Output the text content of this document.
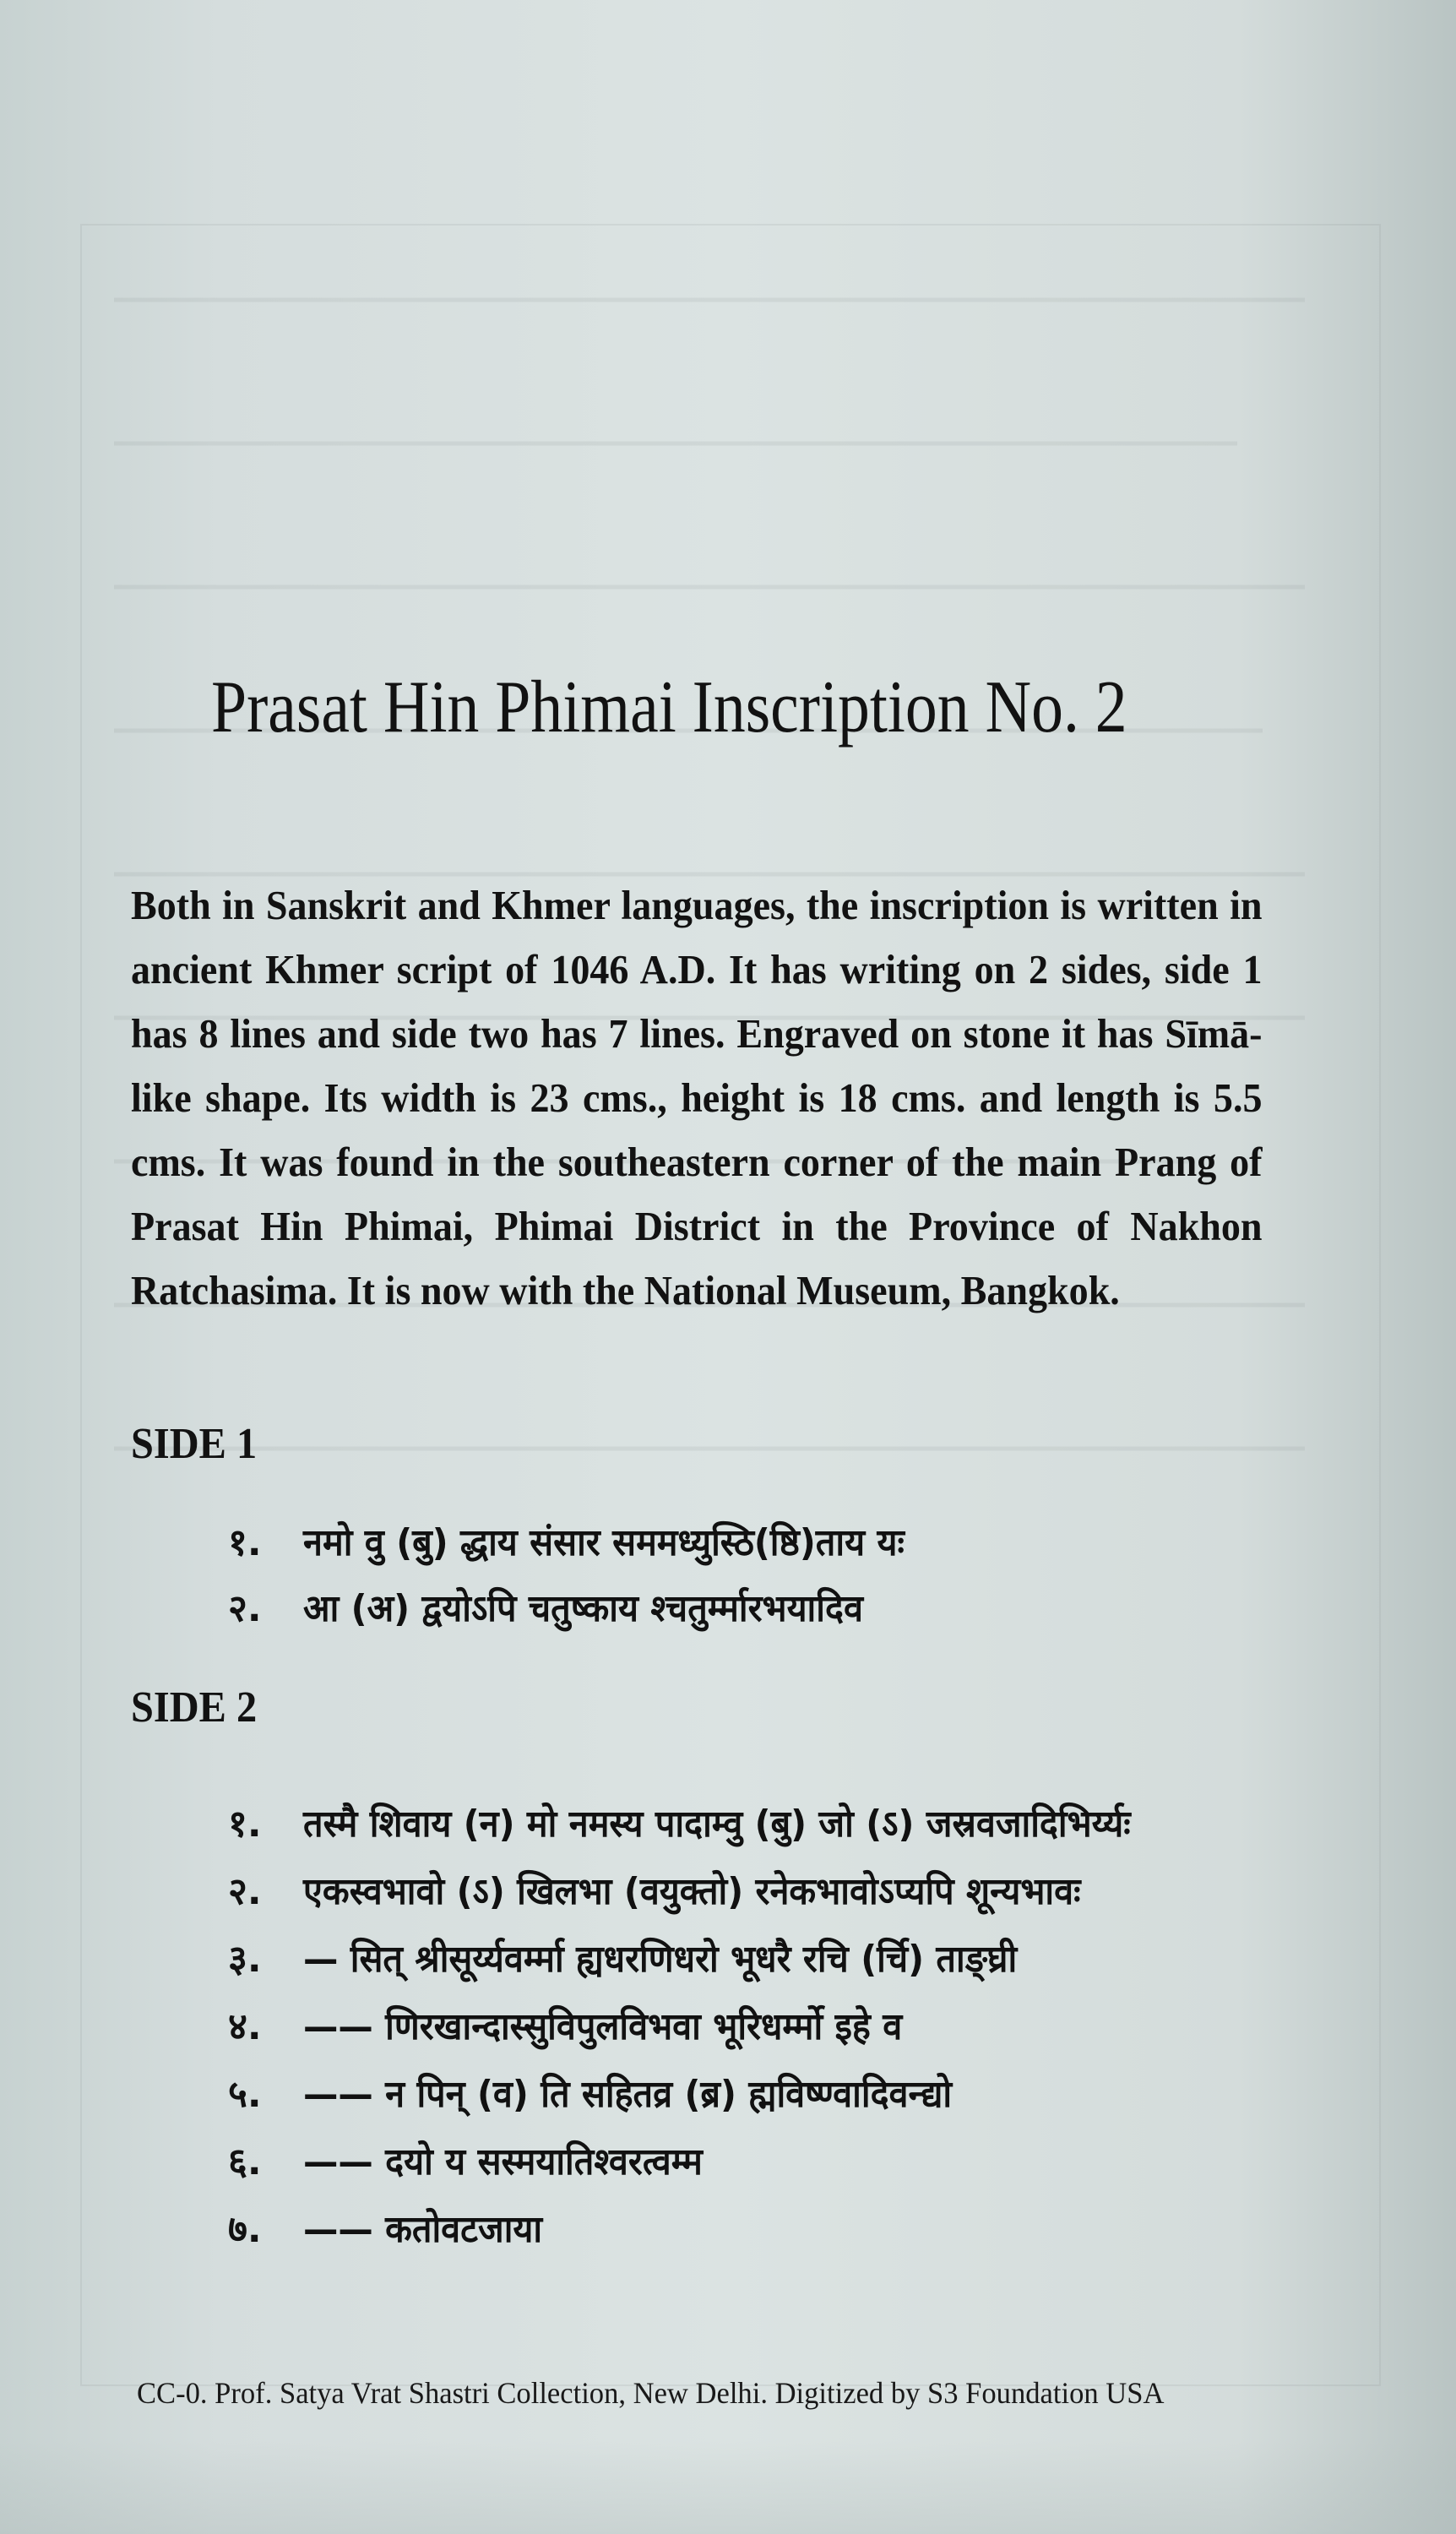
Prasat Hin Phimai Inscription No. 2

Both in Sanskrit and Khmer languages, the inscription is written in ancient Khmer script of 1046 A.D. It has writing on 2 sides, side 1 has 8 lines and side two has 7 lines. Engraved on stone it has Sīmā-like shape. Its width is 23 cms., height is 18 cms. and length is 5.5 cms. It was found in the southeastern corner of the main Prang of Prasat Hin Phimai, Phimai District in the Province of Nakhon Ratchasima. It is now with the National Museum, Bangkok.

SIDE 1
१. नमो वु (बु) द्धाय संसार सममध्युस्ठि(ष्ठि)ताय यः
२. आ (अ) द्वयोऽपि चतुष्काय श्चतुर्म्मारभयादिव
SIDE 2
१. तस्मै शिवाय (न) मो नमस्य पादाम्वु (बु) जो (ऽ) जस्रवजादिभिर्य्यः
२. एकस्वभावो (ऽ) खिलभा (वयुक्तो) रनेकभावोऽप्यपि शून्यभावः
३. — सित् श्रीसूर्य्यवर्म्मा ह्यधरणिधरो भूधरै रचि (र्चि) ताङ्घ्री
४. —— णिरखान्दास्सुविपुलविभवा भूरिधर्म्मो इहे व
५. —— न पिन् (व) ति सहितव्र (ब्र) ह्मविष्ण्वादिवन्द्यो
६. —— दयो य सस्मयातिश्वरत्वम्म
७. —— कतोवटजाया

CC-0. Prof. Satya Vrat Shastri Collection, New Delhi. Digitized by S3 Foundation USA
